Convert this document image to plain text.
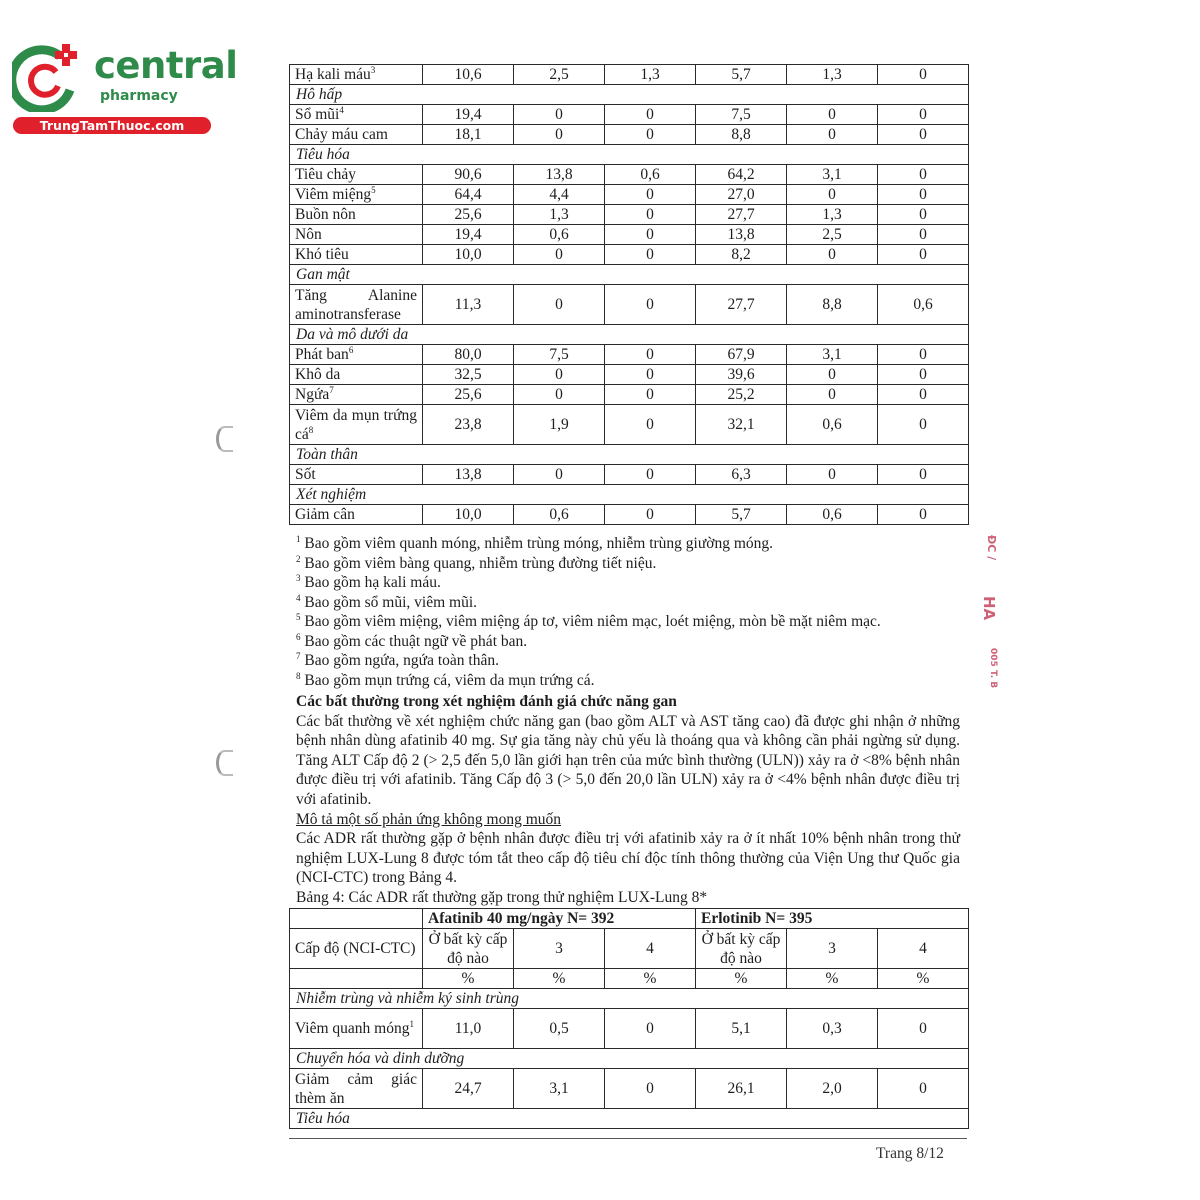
central
pharmacy
TrungTamThuoc.com
ĐC /
HA
005 T. B
Hạ kali máu$^3$	10,6	2,5	1,3	5,7	1,3	0
Hô hấp						
Sổ mũi$^4$	19,4	0	0	7,5	0	0
Chảy máu cam	18,1	0	0	8,8	0	0
Tiêu hóa						
Tiêu chảy	90,6	13,8	0,6	64,2	3,1	0
Viêm miệng$^5$	64,4	4,4	0	27,0	0	0
Buồn nôn	25,6	1,3	0	27,7	1,3	0
Nôn	19,4	0,6	0	13,8	2,5	0
Khó tiêu	10,0	0	0	8,2	0	0
Gan mật						
Tăng Alanine aminotransferase	11,3	0	0	27,7	8,8	0,6
Da và mô dưới da						
Phát ban$^6$	80,0	7,5	0	67,9	3,1	0
Khô da	32,5	0	0	39,6	0	0
Ngứa$^7$	25,6	0	0	25,2	0	0
Viêm da mụn trứng $cá^8$	23,8	1,9	0	32,1	0,6	0
Toàn thân						
Sốt	13,8	0	0	6,3	0	0
Xét nghiệm						
Giảm cân	10,0	0,6	0	5,7	0,6	0
$^1$ Bao gồm viêm quanh móng, nhiễm trùng móng, nhiễm trùng giường móng.
$^2$ Bao gồm viêm bàng quang, nhiễm trùng đường tiết niệu.
$^3$ Bao gồm hạ kali máu.
$^4$ Bao gồm sổ mũi, viêm mũi.
$^5$ Bao gồm viêm miệng, viêm miệng áp tơ, viêm niêm mạc, loét miệng, mòn bề mặt niêm mạc.
$^6$ Bao gồm các thuật ngữ về phát ban.
$^7$ Bao gồm ngứa, ngứa toàn thân.
$^8$ Bao gồm mụn trứng cá, viêm da mụn trứng cá.
Các bất thường trong xét nghiệm đánh giá chức năng gan
Các bất thường về xét nghiệm chức năng gan (bao gồm ALT và AST tăng cao) đã được ghi nhận ở những bệnh nhân dùng afatinib 40 mg. Sự gia tăng này chủ yếu là thoáng qua và không cần phải ngừng sử dụng. Tăng ALT Cấp độ 2 (> 2,5 đến 5,0 lần giới hạn trên của mức bình thường (ULN)) xảy ra ở <8% bệnh nhân được điều trị với afatinib. Tăng Cấp độ 3 (> 5,0 đến 20,0 lần ULN) xảy ra ở <4% bệnh nhân được điều trị với afatinib.
Mô tả một số phản ứng không mong muốn
Các ADR rất thường gặp ở bệnh nhân được điều trị với afatinib xảy ra ở ít nhất 10% bệnh nhân trong thử nghiệm LUX-Lung 8 được tóm tắt theo cấp độ tiêu chí độc tính thông thường của Viện Ung thư Quốc gia (NCI-CTC) trong Bảng 4.
Bảng 4: Các ADR rất thường gặp trong thử nghiệm LUX-Lung 8*
	Afatinib 40 mg/ngày N= 392			Erlotinib N= 395		
Cấp độ (NCI-CTC)	Ở bất kỳ cấp độ nào	3	4	Ở bất kỳ cấp độ nào	3	4
	%	%	%	%	%	%
Nhiễm trùng và nhiễm ký sinh trùng						
Viêm quanh móng$^1$	11,0	0,5	0	5,1	0,3	0
Chuyển hóa và dinh dưỡng						
Giảm cảm giác thèm ăn	24,7	3,1	0	26,1	2,0	0
Tiêu hóa						
Trang 8/12
